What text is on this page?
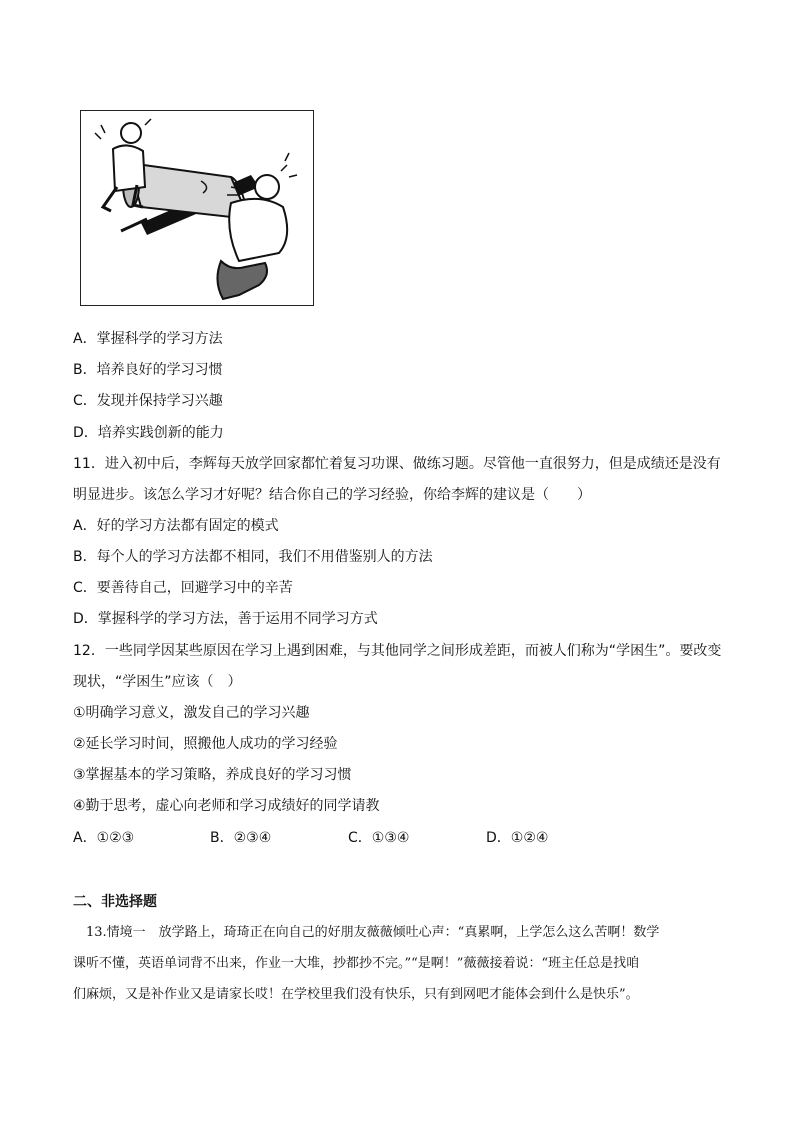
A．掌握科学的学习方法
B．培养良好的学习习惯
C．发现并保持学习兴趣
D．培养实践创新的能力
11．进入初中后，李辉每天放学回家都忙着复习功课、做练习题。尽管他一直很努力，但是成绩还是没有
明显进步。该怎么学习才好呢？结合你自己的学习经验，你给李辉的建议是（　　）
A．好的学习方法都有固定的模式
B．每个人的学习方法都不相同，我们不用借鉴别人的方法
C．要善待自己，回避学习中的辛苦
D．掌握科学的学习方法，善于运用不同学习方式
12．一些同学因某些原因在学习上遇到困难，与其他同学之间形成差距，而被人们称为“学困生”。要改变
现状，“学困生”应该（　）
①明确学习意义，激发自己的学习兴趣
②延长学习时间，照搬他人成功的学习经验
③掌握基本的学习策略，养成良好的学习习惯
④勤于思考，虚心向老师和学习成绩好的同学请教
A．①②③	B．②③④	C．①③④	D．①②④
二、非选择题
　13.情境一　放学路上，琦琦正在向自己的好朋友薇薇倾吐心声：“真累啊，上学怎么这么苦啊！数学
课听不懂，英语单词背不出来，作业一大堆，抄都抄不完。”“是啊！”薇薇接着说：“班主任总是找咱
们麻烦，又是补作业又是请家长哎！在学校里我们没有快乐，只有到网吧才能体会到什么是快乐”。
